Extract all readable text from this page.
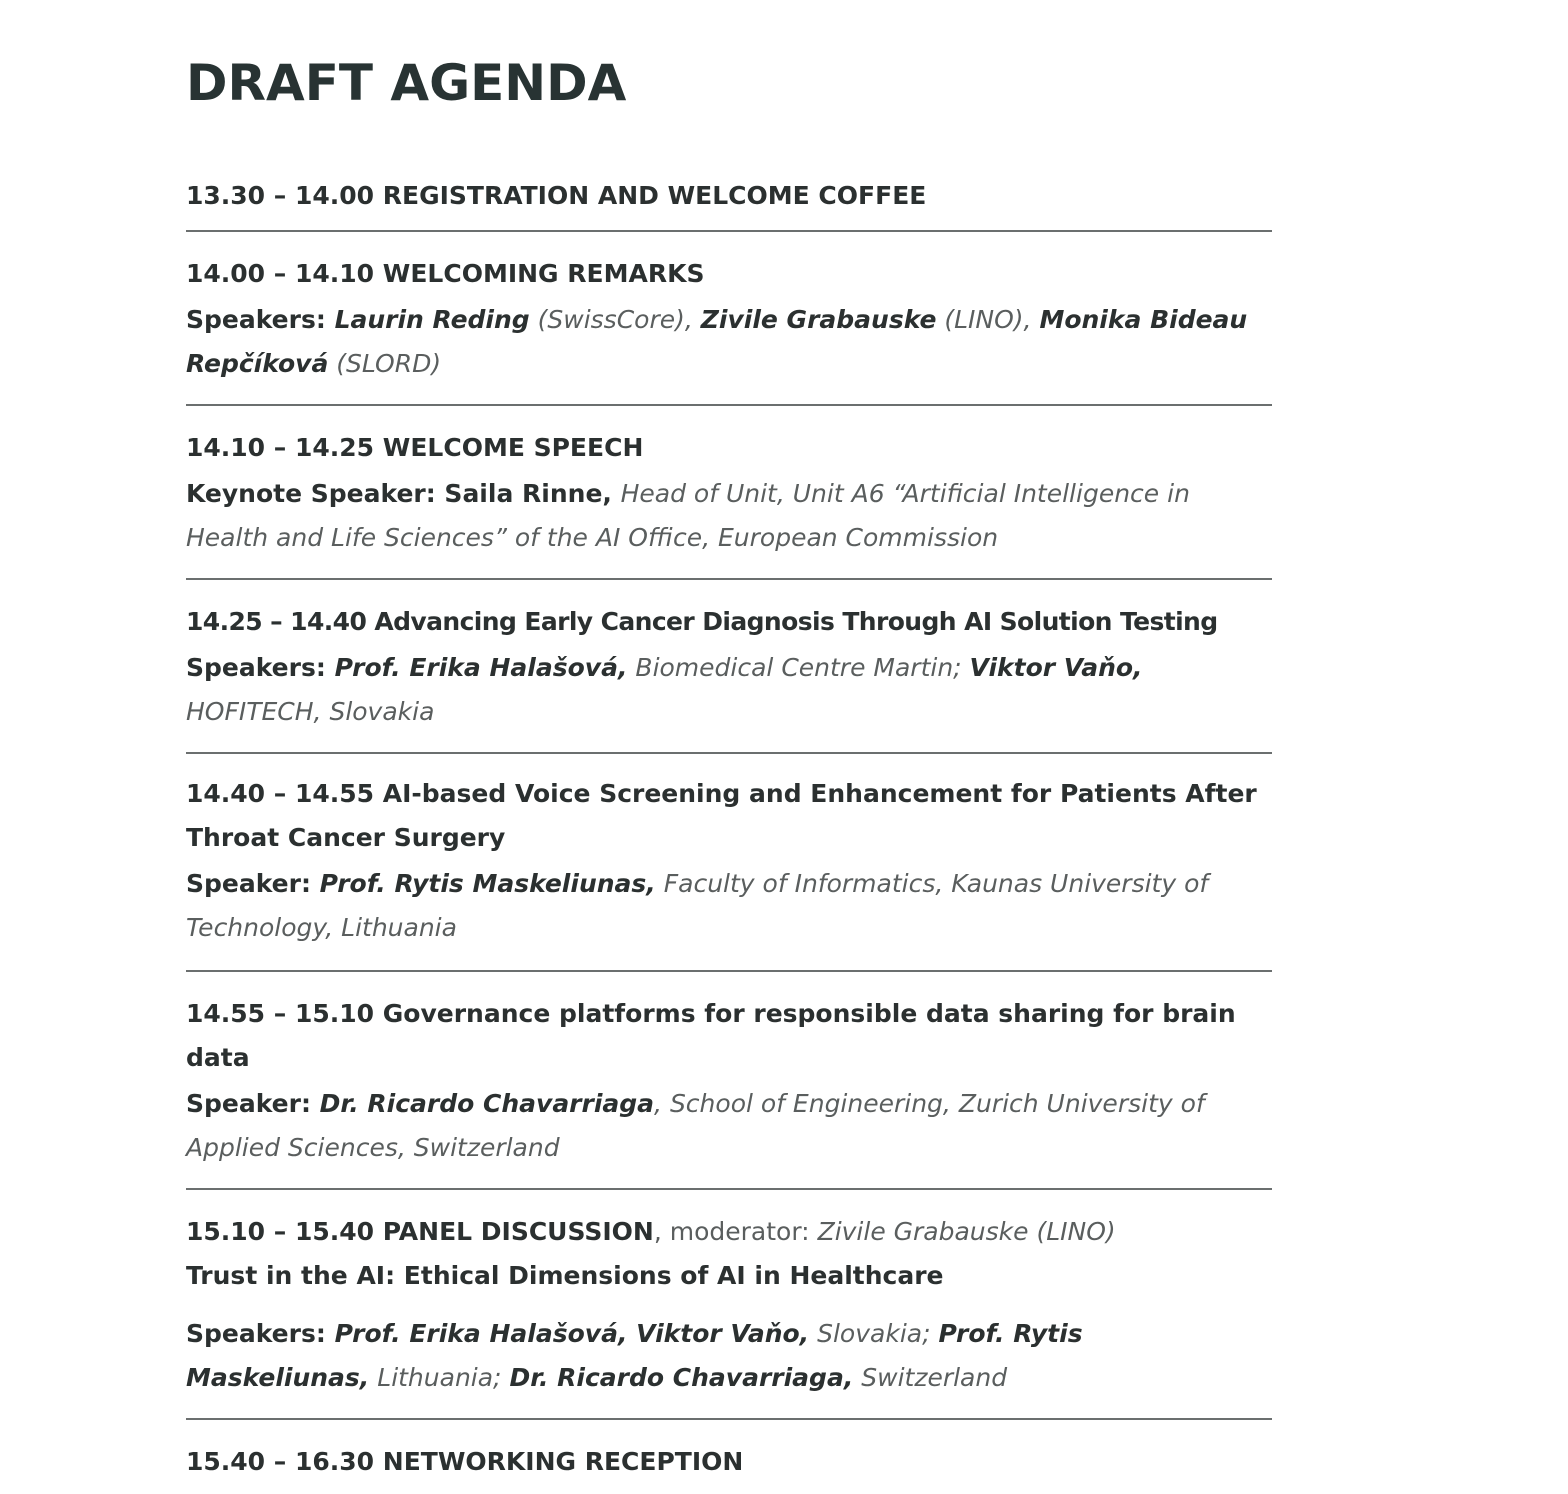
DRAFT AGENDA
13.30 – 14.00 REGISTRATION AND WELCOME COFFEE
14.00 – 14.10 WELCOMING REMARKS
Speakers: Laurin Reding (SwissCore), Zivile Grabauske (LINO), Monika Bideau Repčíková (SLORD)
14.10 – 14.25 WELCOME SPEECH
Keynote Speaker: Saila Rinne, Head of Unit, Unit A6 “Artificial Intelligence in Health and Life Sciences” of the AI Office, European Commission
14.25 – 14.40 Advancing Early Cancer Diagnosis Through AI Solution Testing
Speakers: Prof. Erika Halašová, Biomedical Centre Martin; Viktor Vaňo, HOFITECH, Slovakia
14.40 – 14.55 AI-based Voice Screening and Enhancement for Patients After Throat Cancer Surgery
Speaker: Prof. Rytis Maskeliunas, Faculty of Informatics, Kaunas University of Technology, Lithuania
14.55 – 15.10 Governance platforms for responsible data sharing for brain data
Speaker: Dr. Ricardo Chavarriaga, School of Engineering, Zurich University of Applied Sciences, Switzerland
15.10 – 15.40 PANEL DISCUSSION, moderator: Zivile Grabauske (LINO)
Trust in the AI: Ethical Dimensions of AI in Healthcare
Speakers: Prof. Erika Halašová, Viktor Vaňo, Slovakia; Prof. Rytis Maskeliunas, Lithuania; Dr. Ricardo Chavarriaga, Switzerland
15.40 – 16.30 NETWORKING RECEPTION
